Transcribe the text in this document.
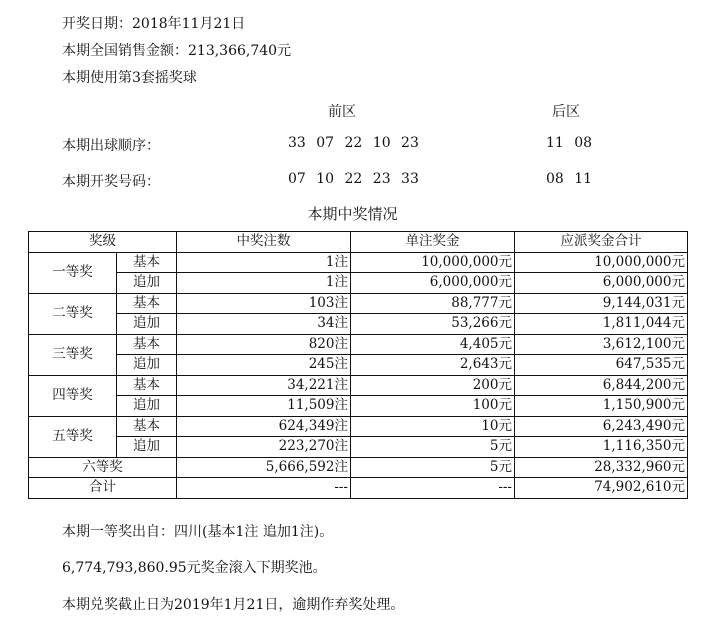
开奖日期：2018年11月21日
本期全国销售金额：213,366,740元
本期使用第3套摇奖球
前区	后区
本期出球顺序：	33 07 22 10 23	11 08
本期开奖号码：	07 10 22 23 33	08 11
本期中奖情况
奖级		中奖注数	单注奖金	应派奖金合计
一等奖	基本	1注	10,000,000元	10,000,000元
	追加	1注	6,000,000元	6,000,000元
二等奖	基本	103注	88,777元	9,144,031元
	追加	34注	53,266元	1,811,044元
三等奖	基本	820注	4,405元	3,612,100元
	追加	245注	2,643元	647,535元
四等奖	基本	34,221注	200元	6,844,200元
	追加	11,509注	100元	1,150,900元
五等奖	基本	624,349注	10元	6,243,490元
	追加	223,270注	5元	1,116,350元
六等奖		5,666,592注	5元	28,332,960元
合计		---	---	74,902,610元
本期一等奖出自：四川(基本1注 追加1注)。
6,774,793,860.95元奖金滚入下期奖池。
本期兑奖截止日为2019年1月21日，逾期作弃奖处理。
